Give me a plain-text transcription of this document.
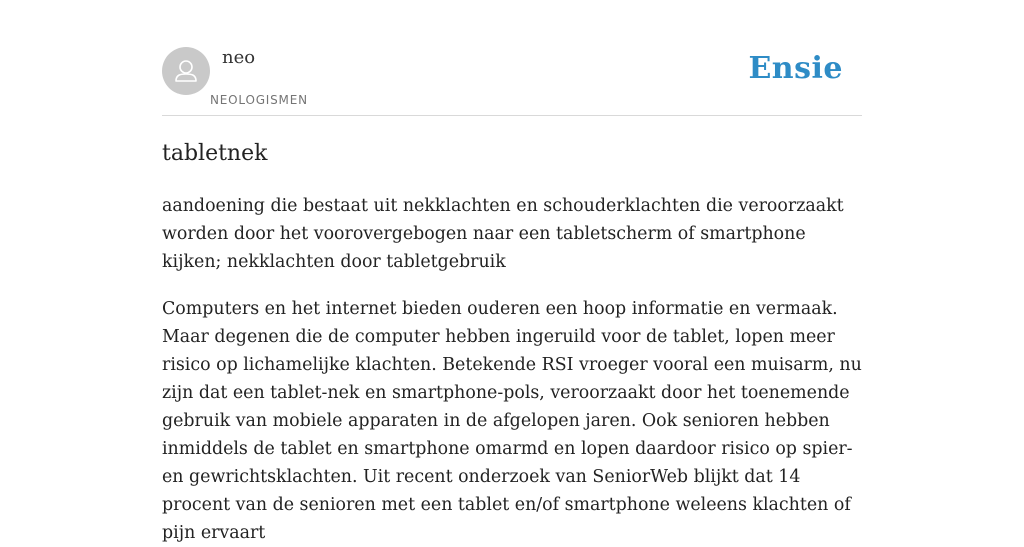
neo
NEOLOGISMEN
Ensie
tabletnek

aandoening die bestaat uit nekklachten en schouderklachten die veroorzaakt worden door het voorovergebogen naar een tabletscherm of smartphone kijken; nekklachten door tabletgebruik

Computers en het internet bieden ouderen een hoop informatie en vermaak. Maar degenen die de computer hebben ingeruild voor de tablet, lopen meer risico op lichamelijke klachten. Betekende RSI vroeger vooral een muisarm, nu zijn dat een tablet-nek en smartphone-pols, veroorzaakt door het toenemende gebruik van mobiele apparaten in de afgelopen jaren. Ook senioren hebben inmiddels de tablet en smartphone omarmd en lopen daardoor risico op spier- en gewrichtsklachten. Uit recent onderzoek van SeniorWeb blijkt dat 14 procent van de senioren met een tablet en/of smartphone weleens klachten of pijn ervaart
